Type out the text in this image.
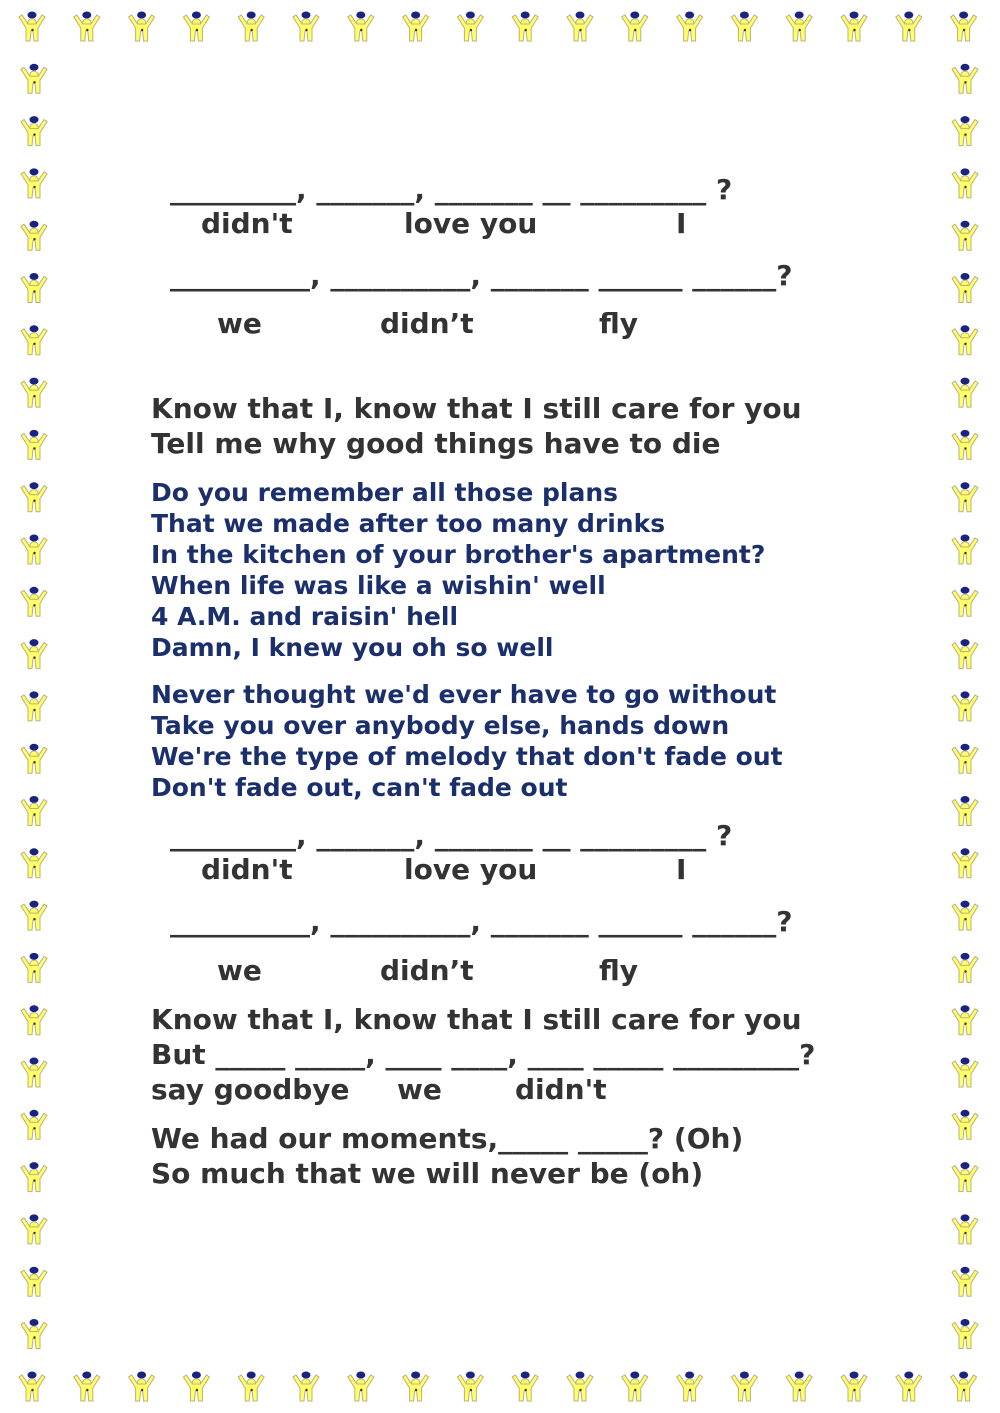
_________, _______, _______ __ _________ ?
didn't	love you	I
__________, __________, _______ ______ ______?
we	didn’t	fly
Know that I, know that I still care for you
Tell me why good things have to die
Do you remember all those plans
That we made after too many drinks
In the kitchen of your brother's apartment?
When life was like a wishin' well
4 A.M. and raisin' hell
Damn, I knew you oh so well
Never thought we'd ever have to go without
Take you over anybody else, hands down
We're the type of melody that don't fade out
Don't fade out, can't fade out
_________, _______, _______ __ _________ ?
didn't	love you	I
__________, __________, _______ ______ ______?
we	didn’t	fly
Know that I, know that I still care for you
But _____ _____, ____ ____, ____ _____ _________?
say goodbye we	didn't
We had our moments,_____ _____? (Oh)
So much that we will never be (oh)
